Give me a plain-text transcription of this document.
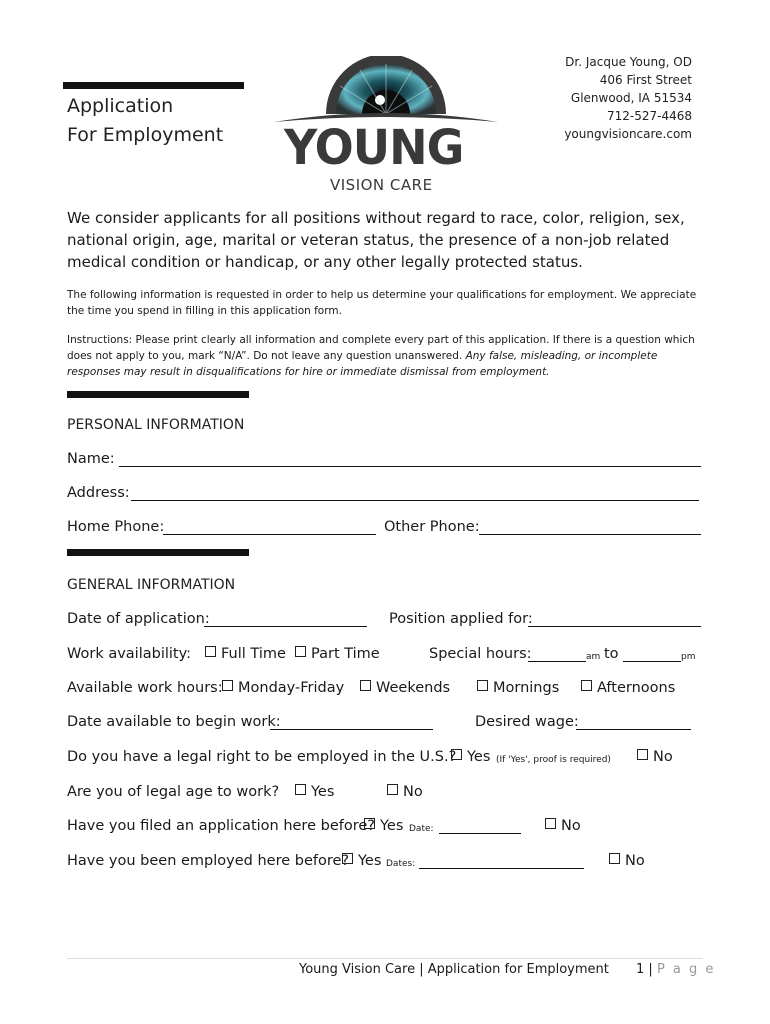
Application
For Employment YOUNG
VISION CARE
Dr. Jacque Young, OD
406 First Street
Glenwood, IA 51534
712-527-4468
youngvisioncare.com
We consider applicants for all positions without regard to race, color, religion, sex, national origin, age, marital or veteran status, the presence of a non-job related medical condition or handicap, or any other legally protected status.
The following information is requested in order to help us determine your qualifications for employment. We appreciate the time you spend in filling in this application form.
Instructions: Please print clearly all information and complete every part of this application. If there is a question which does not apply to you, mark “N/A”. Do not leave any question unanswered. Any false, misleading, or incomplete responses may result in disqualifications for hire or immediate dismissal from employment.
PERSONAL INFORMATION
Name:
Address:
Home Phone:	Other Phone:
GENERAL INFORMATION
Date of application:	Position applied for:
Work availability:	Full Time	Part Time	Special hours:	am to	pm
Available work hours:	Monday-Friday	Weekends	Mornings	Afternoons
Date available to begin work:	Desired wage:
Do you have a legal right to be employed in the U.S.? Yes (If 'Yes', proof is required)	No
Are you of legal age to work?	Yes	No
Have you filed an application here before? Yes Date:	No
Have you been employed here before? Yes Dates:	No
Young Vision Care | Application for Employment 1 | P a g e
